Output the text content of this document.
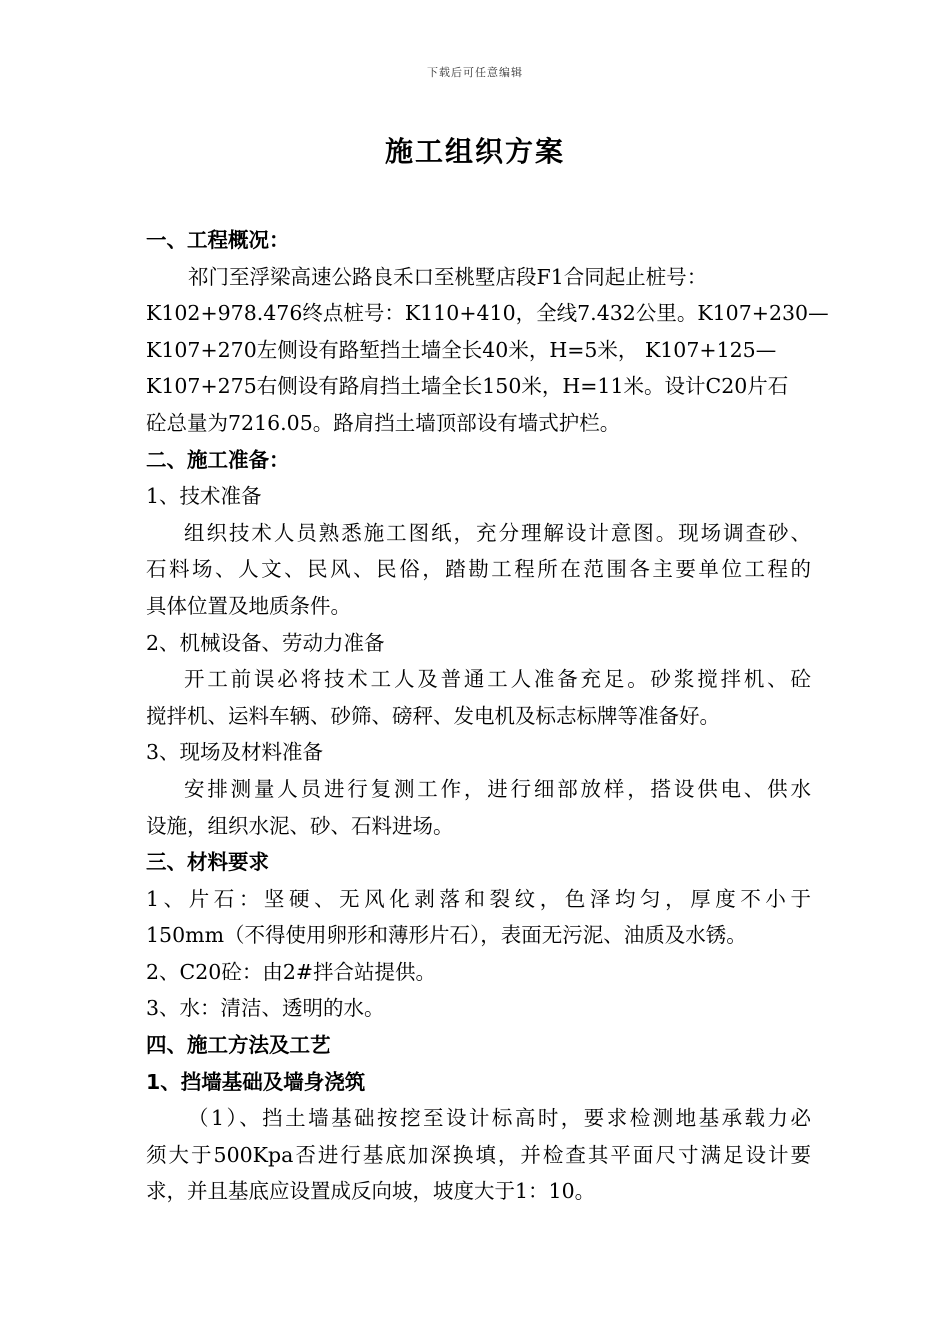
下载后可任意编辑
施工组织方案
一、工程概况：
祁门至浮梁高速公路良禾口至桃墅店段F1合同起止桩号：
K102+978.476终点桩号：K110+410，全线7.432公里。K107+230—
K107+270左侧设有路堑挡土墙全长40米，H=5米， K107+125—
K107+275右侧设有路肩挡土墙全长150米，H=11米。设计C20片石
砼总量为7216.05。路肩挡土墙顶部设有墙式护栏。
二、施工准备：
1、技术准备
组织技术人员熟悉施工图纸，充分理解设计意图。现场调查砂、
石料场、人文、民风、民俗，踏勘工程所在范围各主要单位工程的
具体位置及地质条件。
2、机械设备、劳动力准备
开工前误必将技术工人及普通工人准备充足。砂浆搅拌机、砼
搅拌机、运料车辆、砂筛、磅秤、发电机及标志标牌等准备好。
3、现场及材料准备
安排测量人员进行复测工作，进行细部放样，搭设供电、供水
设施，组织水泥、砂、石料进场。
三、材料要求
1、片石：坚硬、无风化剥落和裂纹，色泽均匀，厚度不小于
150mm（不得使用卵形和薄形片石），表面无污泥、油质及水锈。
2、C20砼：由2#拌合站提供。
3、水：清洁、透明的水。
四、施工方法及工艺
1、挡墙基础及墙身浇筑
（1）、挡土墙基础按挖至设计标高时，要求检测地基承载力必
须大于500Kpa否进行基底加深换填，并检查其平面尺寸满足设计要
求，并且基底应设置成反向坡，坡度大于1：10。
